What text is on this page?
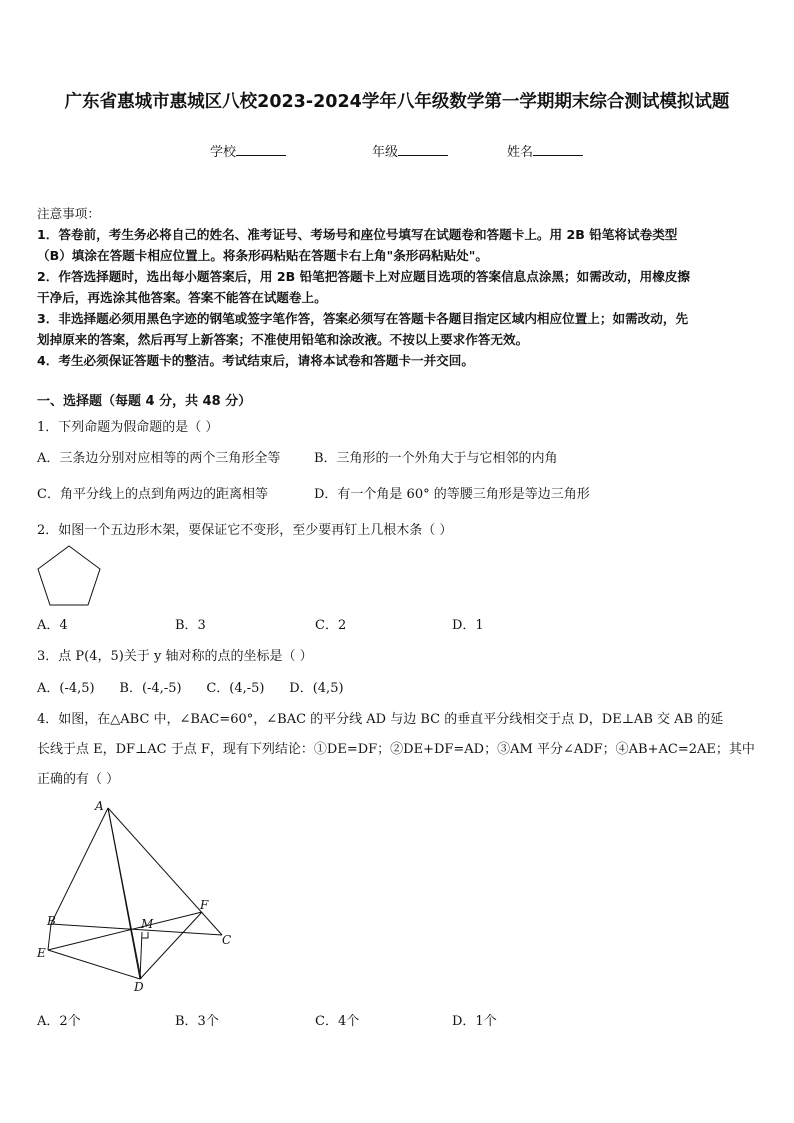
广东省惠城市惠城区八校2023-2024学年八年级数学第一学期期末综合测试模拟试题
学校	年级	姓名
注意事项：
1．答卷前，考生务必将自己的姓名、准考证号、考场号和座位号填写在试题卷和答题卡上。用 2B 铅笔将试卷类型
（B）填涂在答题卡相应位置上。将条形码粘贴在答题卡右上角"条形码粘贴处"。
2．作答选择题时，选出每小题答案后，用 2B 铅笔把答题卡上对应题目选项的答案信息点涂黑；如需改动，用橡皮擦
干净后，再选涂其他答案。答案不能答在试题卷上。
3．非选择题必须用黑色字迹的钢笔或签字笔作答，答案必须写在答题卡各题目指定区域内相应位置上；如需改动，先
划掉原来的答案，然后再写上新答案；不准使用铅笔和涂改液。不按以上要求作答无效。
4．考生必须保证答题卡的整洁。考试结束后，请将本试卷和答题卡一并交回。
一、选择题（每题 4 分，共 48 分）
1．下列命题为假命题的是（ ）
A．三条边分别对应相等的两个三角形全等	B．三角形的一个外角大于与它相邻的内角
C．角平分线上的点到角两边的距离相等	D．有一个角是 60° 的等腰三角形是等边三角形
2．如图一个五边形木架，要保证它不变形，至少要再钉上几根木条（ ）
A．4	B．3	C．2	D．1
3．点 P(4，5)关于 y 轴对称的点的坐标是（ ）
A．(-4,5)      B．(-4,-5)      C．(4,-5)      D．(4,5)
4．如图，在△ABC 中，∠BAC=60°，∠BAC 的平分线 AD 与边 BC 的垂直平分线相交于点 D，DE⊥AB 交 AB 的延
长线于点 E，DF⊥AC 于点 F，现有下列结论：①DE=DF；②DE+DF=AD；③AM 平分∠ADF；④AB+AC=2AE；其中
正确的有（ ）
A
B
C
D
E
F
M
A．2个	B．3个	C．4个	D．1个
